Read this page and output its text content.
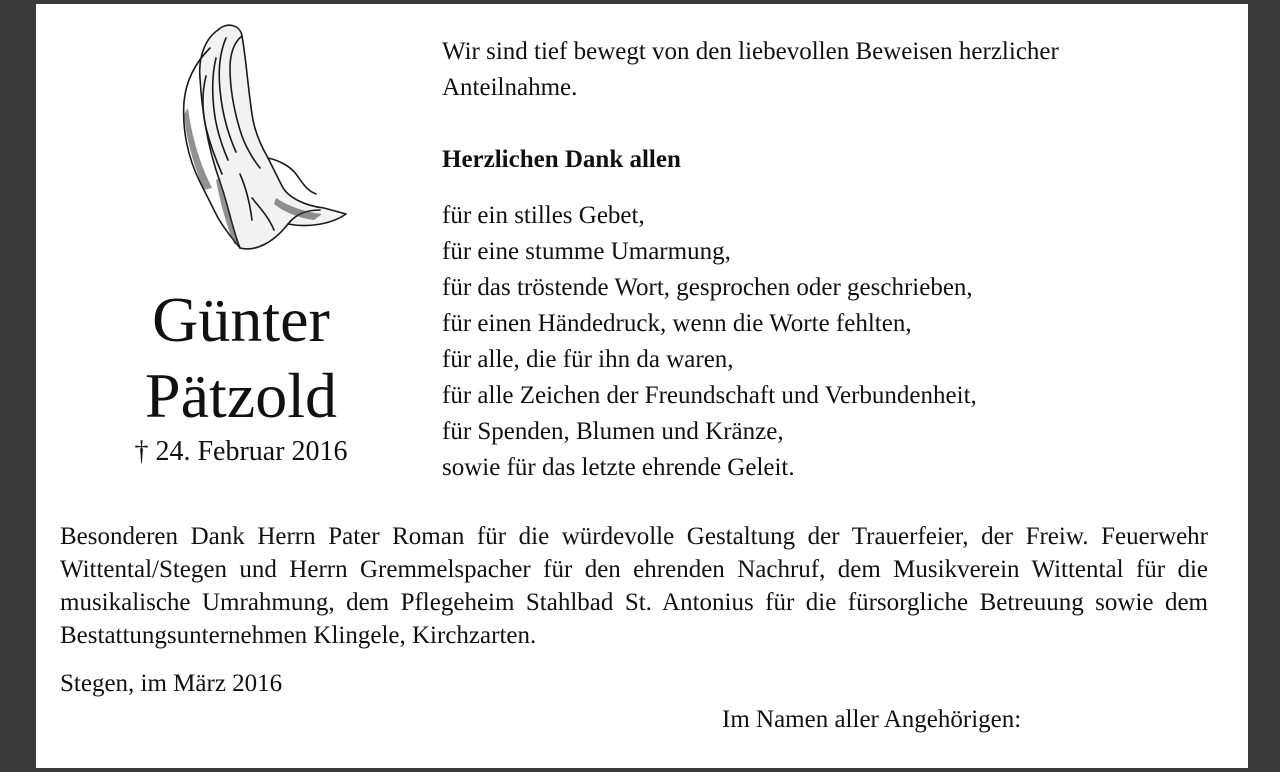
Günter
Pätzold
† 24. Februar 2016

Wir sind tief bewegt von den liebevollen Beweisen herzlicher

Anteilnahme.

Herzlichen Dank allen

für ein stilles Gebet,

für eine stumme Umarmung,

für das tröstende Wort, gesprochen oder geschrieben,

für einen Händedruck, wenn die Worte fehlten,

für alle, die für ihn da waren,

für alle Zeichen der Freundschaft und Verbundenheit,

für Spenden, Blumen und Kränze,

sowie für das letzte ehrende Geleit.

Besonderen Dank Herrn Pater Roman für die würdevolle Gestaltung der Trauerfeier, der Freiw. Feuerwehr Wittental/Stegen und Herrn Gremmelspacher für den ehrenden Nachruf, dem Musikverein Wittental für die musikalische Umrahmung, dem Pflegeheim Stahlbad St. Antonius für die fürsorgliche Betreuung sowie dem Bestattungsunternehmen Klingele, Kirchzarten.
Stegen, im März 2016
Im Namen aller Angehörigen:
